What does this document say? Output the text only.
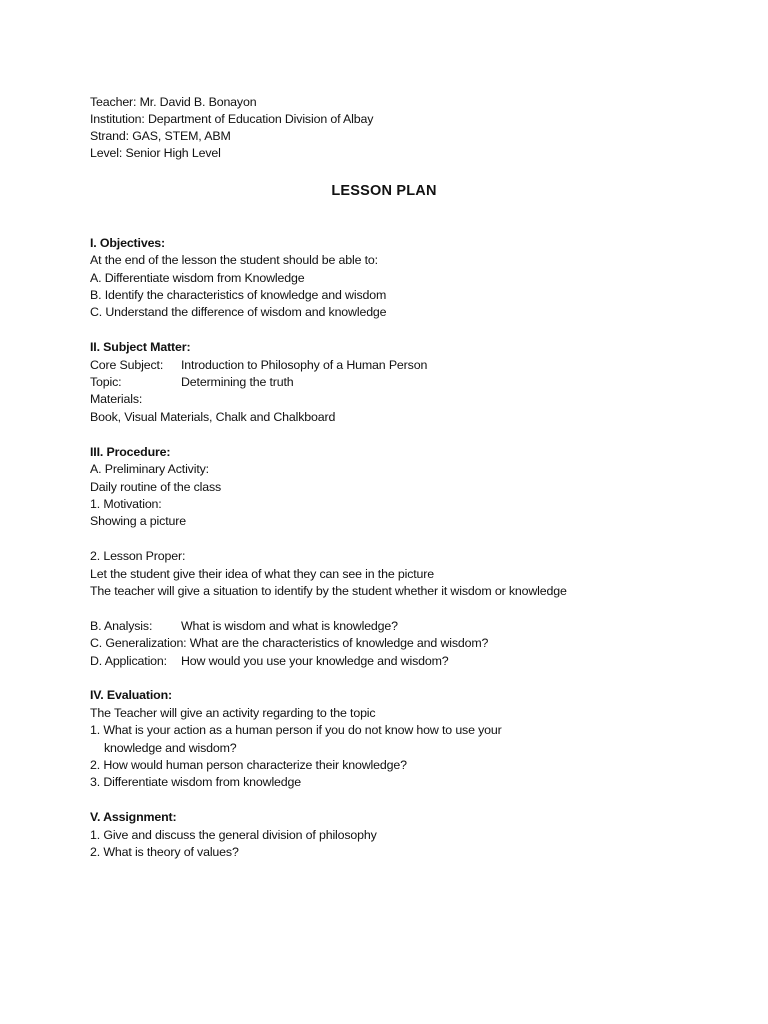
Teacher: Mr. David B. Bonayon
Institution: Department of Education Division of Albay
Strand: GAS, STEM, ABM
Level: Senior High Level
LESSON PLAN
I. Objectives:
At the end of the lesson the student should be able to:
A. Differentiate wisdom from Knowledge
B. Identify the characteristics of knowledge and wisdom
C. Understand the difference of wisdom and knowledge
II. Subject Matter:
Core Subject: Introduction to Philosophy of a Human Person
Topic:	Determining the truth
Materials:
Book, Visual Materials, Chalk and Chalkboard
III. Procedure:
A. Preliminary Activity:
Daily routine of the class
1. Motivation:
Showing a picture
2. Lesson Proper:
Let the student give their idea of what they can see in the picture
The teacher will give a situation to identify by the student whether it wisdom or knowledge
B. Analysis: What is wisdom and what is knowledge?
C. Generalization: What are the characteristics of knowledge and wisdom?
D. Application: How would you use your knowledge and wisdom?
IV. Evaluation:
The Teacher will give an activity regarding to the topic
1. What is your action as a human person if you do not know how to use your
knowledge and wisdom?
2. How would human person characterize their knowledge?
3. Differentiate wisdom from knowledge
V. Assignment:
1. Give and discuss the general division of philosophy
2. What is theory of values?
